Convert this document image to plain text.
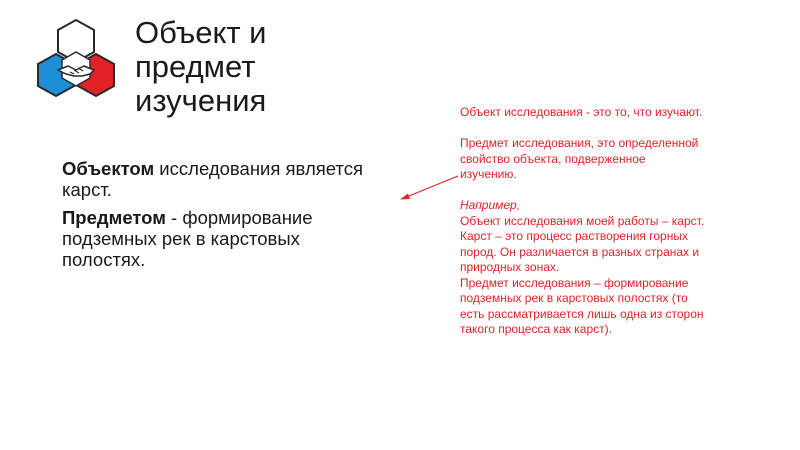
Объект и
предмет
изучения

Объектом исследования является карст.

Предметом - формирование подземных рек в карстовых полостях.

Объект исследования - это то, что изучают.
Предмет исследования, это определенной
свойство объекта, подверженное
изучению.
Например,
Объект исследования моей работы – карст.
Карст – это процесс растворения горных
пород. Он различается в разных странах и
природных зонах.
Предмет исследования – формирование
подземных рек в карстовых полостях (то
есть рассматривается лишь одна из сторон
такого процесса как карст).
